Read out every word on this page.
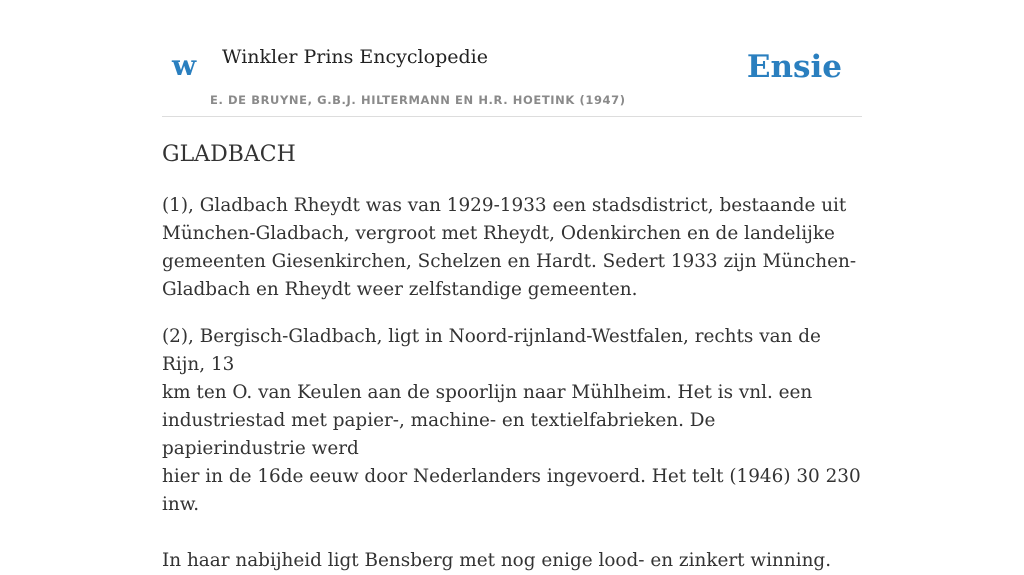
w Winkler Prins Encyclopedie
E. DE BRUYNE, G.B.J. HILTERMANN EN H.R. HOETINK (1947)
Ensie
GLADBACH

(1), Gladbach Rheydt was van 1929-1933 een stadsdistrict, bestaande uit
München-Gladbach, vergroot met Rheydt, Odenkirchen en de landelijke
gemeenten Giesenkirchen, Schelzen en Hardt. Sedert 1933 zijn München-
Gladbach en Rheydt weer zelfstandige gemeenten.

(2), Bergisch-Gladbach, ligt in Noord-rijnland-Westfalen, rechts van de Rijn, 13
km ten O. van Keulen aan de spoorlijn naar Mühlheim. Het is vnl. een
industriestad met papier-, machine- en textielfabrieken. De papierindustrie werd
hier in de 16de eeuw door Nederlanders ingevoerd. Het telt (1946) 30 230 inw.

In haar nabijheid ligt Bensberg met nog enige lood- en zinkert winning.
